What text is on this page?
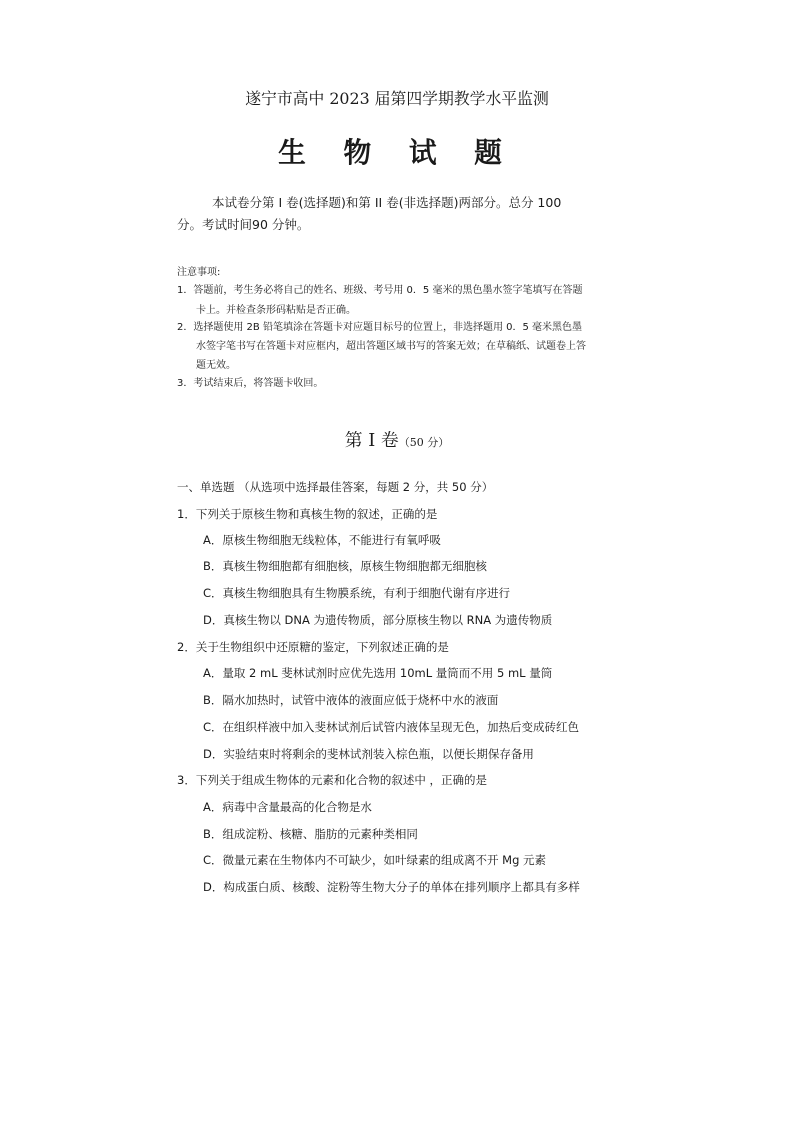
遂宁市高中 2023 届第四学期教学水平监测
生 物 试 题
本试卷分第 I 卷(选择题)和第 II 卷(非选择题)两部分。总分 100
分。考试时间90 分钟。
注意事项:
1．答题前，考生务必将自己的姓名、班级、考号用 0．5 毫米的黑色墨水签字笔填写在答题
卡上。并检查条形码粘贴是否正确。
2．选择题使用 2B 铅笔填涂在答题卡对应题目标号的位置上，非选择题用 0．5 毫米黑色墨
水签字笔书写在答题卡对应框内，超出答题区域书写的答案无效；在草稿纸、试题卷上答
题无效。
3．考试结束后，将答题卡收回。
第 Ⅰ 卷（50 分）
一、单选题 （从选项中选择最佳答案，每题 2 分，共 50 分）
1．下列关于原核生物和真核生物的叙述，正确的是
A．原核生物细胞无线粒体，不能进行有氧呼吸
B．真核生物细胞都有细胞核，原核生物细胞都无细胞核
C．真核生物细胞具有生物膜系统，有利于细胞代谢有序进行
D．真核生物以 DNA 为遗传物质，部分原核生物以 RNA 为遗传物质
2．关于生物组织中还原糖的鉴定，下列叙述正确的是
A．量取 2 mL 斐林试剂时应优先选用 10mL 量筒而不用 5 mL 量筒
B．隔水加热时，试管中液体的液面应低于烧杯中水的液面
C．在组织样液中加入斐林试剂后试管内液体呈现无色，加热后变成砖红色
D．实验结束时将剩余的斐林试剂装入棕色瓶，以便长期保存备用
3．下列关于组成生物体的元素和化合物的叙述中 ，正确的是
A．病毒中含量最高的化合物是水
B．组成淀粉、核糖、脂肪的元素种类相同
C．微量元素在生物体内不可缺少，如叶绿素的组成离不开 Mg 元素
D．构成蛋白质、核酸、淀粉等生物大分子的单体在排列顺序上都具有多样
